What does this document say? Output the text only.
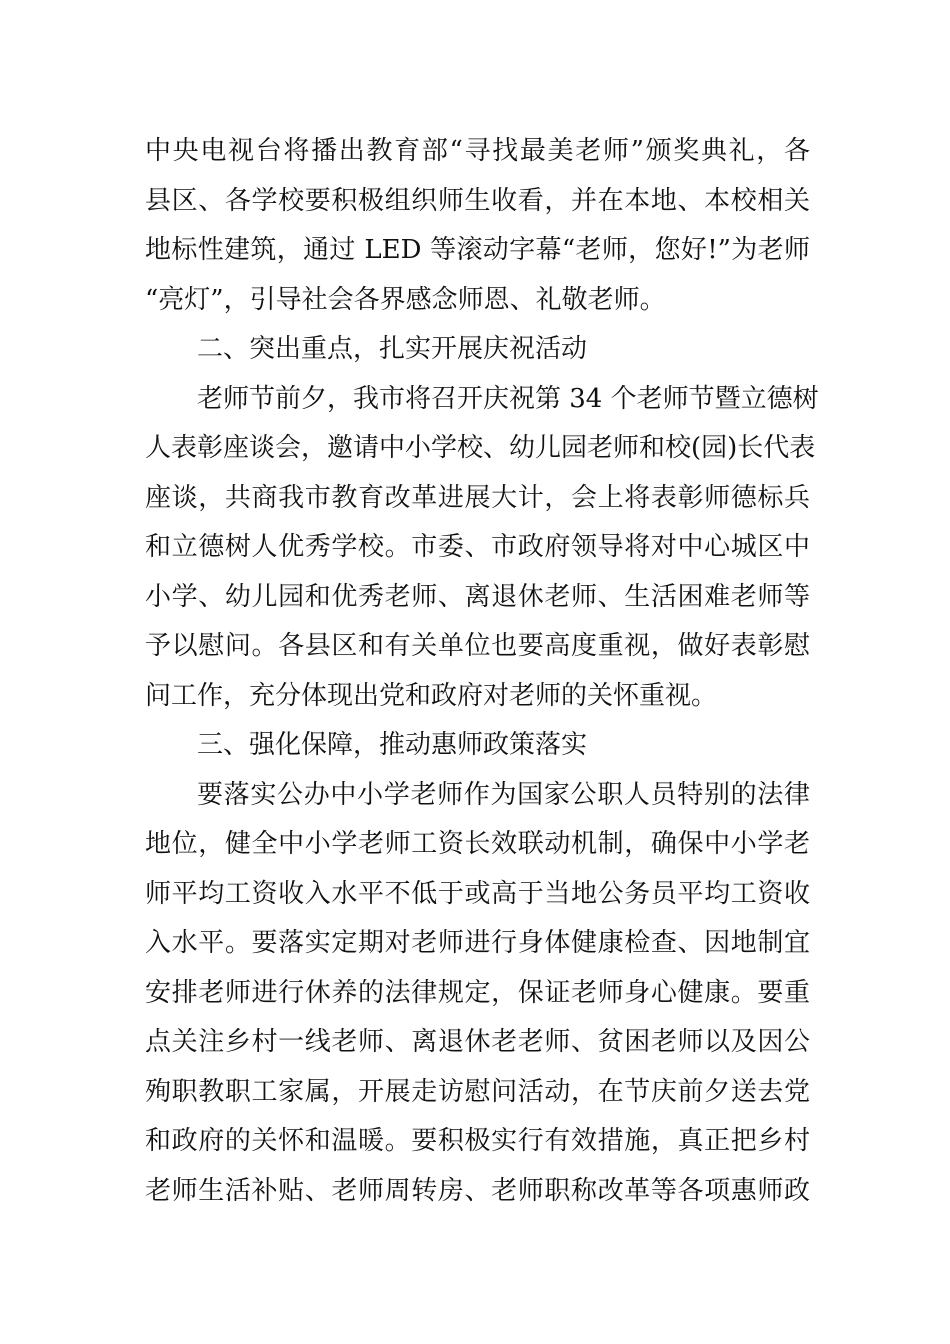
中央电视台将播出教育部“寻找最美老师”颁奖典礼，各
县区、各学校要积极组织师生收看，并在本地、本校相关
地标性建筑，通过 LED 等滚动字幕“老师，您好!”为老师
“亮灯”，引导社会各界感念师恩、礼敬老师。
二、突出重点，扎实开展庆祝活动
老师节前夕，我市将召开庆祝第 34 个老师节暨立德树
人表彰座谈会，邀请中小学校、幼儿园老师和校(园)长代表
座谈，共商我市教育改革进展大计，会上将表彰师德标兵
和立德树人优秀学校。市委、市政府领导将对中心城区中
小学、幼儿园和优秀老师、离退休老师、生活困难老师等
予以慰问。各县区和有关单位也要高度重视，做好表彰慰
问工作，充分体现出党和政府对老师的关怀重视。
三、强化保障，推动惠师政策落实
要落实公办中小学老师作为国家公职人员特别的法律
地位，健全中小学老师工资长效联动机制，确保中小学老
师平均工资收入水平不低于或高于当地公务员平均工资收
入水平。要落实定期对老师进行身体健康检查、因地制宜
安排老师进行休养的法律规定，保证老师身心健康。要重
点关注乡村一线老师、离退休老老师、贫困老师以及因公
殉职教职工家属，开展走访慰问活动，在节庆前夕送去党
和政府的关怀和温暖。要积极实行有效措施，真正把乡村
老师生活补贴、老师周转房、老师职称改革等各项惠师政
